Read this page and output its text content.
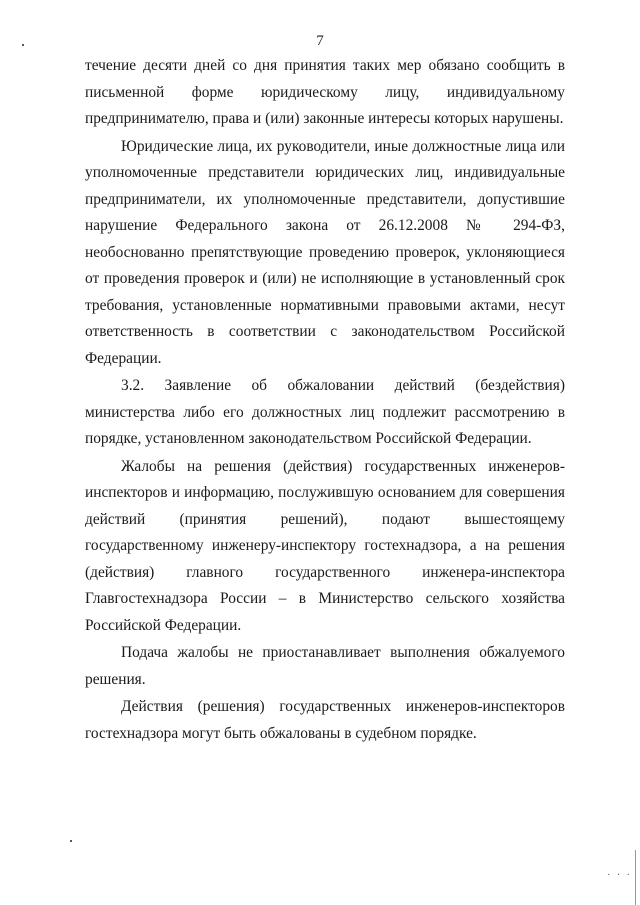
7

течение десяти дней со дня принятия таких мер обязано сообщить в письменной форме юридическому лицу, индивидуальному предпринимателю, права и (или) законные интересы которых нарушены.

Юридические лица, их руководители, иные должностные лица или уполномоченные представители юридических лиц, индивидуальные предприниматели, их уполномоченные представители, допустившие нарушение Федерального закона от 26.12.2008 № 294-ФЗ, необоснованно препятствующие проведению проверок, уклоняющиеся от проведения проверок и (или) не исполняющие в установленный срок требования, установленные нормативными правовыми актами, несут ответственность в соответствии с законодательством Российской Федерации.

3.2. Заявление об обжаловании действий (бездействия) министерства либо его должностных лиц подлежит рассмотрению в порядке, установленном законодательством Российской Федерации.

Жалобы на решения (действия) государственных инженеров-инспекторов и информацию, послужившую основанием для совершения действий (принятия решений), подают вышестоящему государственному инженеру-инспектору гостехнадзора, а на решения (действия) главного государственного инженера-инспектора Главгостехнадзора России – в Министерство сельского хозяйства Российской Федерации.

Подача жалобы не приостанавливает выполнения обжалуемого решения.

Действия (решения) государственных инженеров-инспекторов гостехнадзора могут быть обжалованы в судебном порядке.

· · ·
